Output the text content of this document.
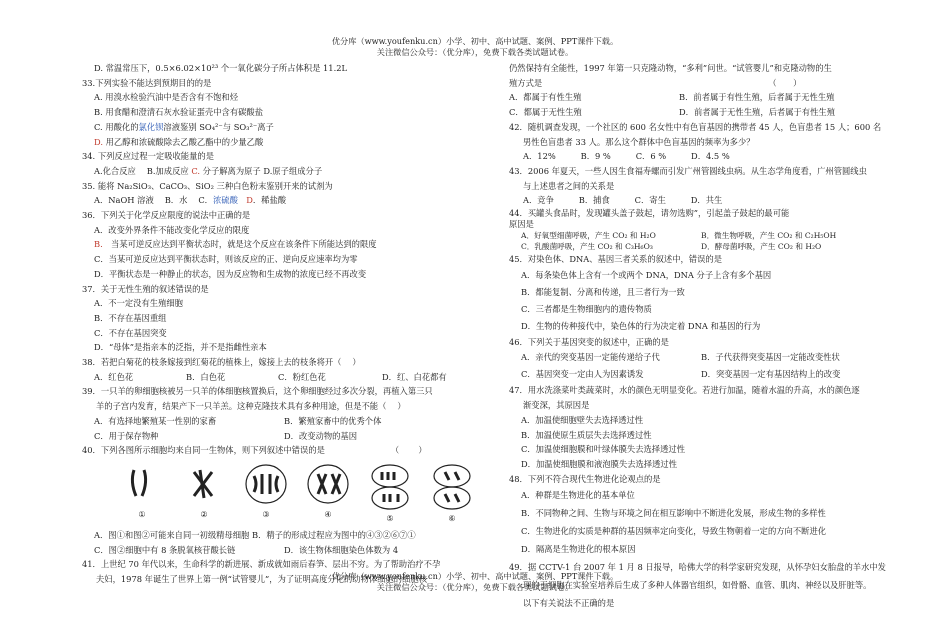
优分库（www.youfenku.cn）小学、初中、高中试题、案例、PPT课件下载。
关注微信公众号：（优分库），免费下载各类试题试卷。
D. 常温常压下，0.5×6.02×10²³ 个一氧化碳分子所占体积是 11.2L
33.下列实验不能达到预期目的的是
A. 用溴水检验汽油中是否含有不饱和烃
B. 用食醋和澄清石灰水验证蛋壳中含有碳酸盐
C. 用酸化的氯化钡溶液鉴别 SO₄²⁻与 SO₃²⁻离子
D. 用乙醇和浓硫酸除去乙酸乙酯中的少量乙酸
34. 下列反应过程一定吸收能量的是
A.化合反应　 B.加成反应 C. 分子解离为原子 D.原子组成分子
35. 能将 Na₂SiO₃、CaCO₃、SiO₂ 三种白色粉末鉴别开来的试剂为
A．NaOH 溶液　 B．水　 C．浓硫酸　 D．稀盐酸
36．下列关于化学反应限度的说法中正确的是
A．改变外界条件不能改变化学反应的限度
B.　当某可逆反应达到平衡状态时，就是这个反应在该条件下所能达到的限度
C．当某可逆反应达到平衡状态时，则该反应的正、逆向反应速率均为零
D．平衡状态是一种静止的状态，因为反应物和生成物的浓度已经不再改变
37．关于无性生殖的叙述错误的是
A．不一定没有生殖细胞
B．不存在基因重组
C．不存在基因突变
D．“母体”是指亲本的泛指，并不是指雌性亲本
38．若把白菊花的枝条嫁接到红菊花的植株上，嫁接上去的枝条将开（　 ）
A．红色花	B．白色花	C．粉红色花	D．红、白花都有
39．一只羊的卵细胞核被另一只羊的体细胞核置换后，这个卵细胞经过多次分裂，再植入第三只
羊的子宫内发育，结果产下一只羊羔。这种克隆技术具有多种用途，但是不能（　 ）
A．有选择地繁殖某一性别的家畜	B．繁殖家畜中的优秀个体
C．用于保存物种	D．改变动物的基因
40．下列各图所示细胞均来自同一生物体，则下列叙述中错误的是	（　　 ）
①	②	③	④	⑤	⑥
A．图①和图②可能来自同一初级精母细胞 B．精子的形成过程应为图中的④③②⑥⑦①
C．图②细胞中有 8 条脱氧核苷酸长链	D．该生物体细胞染色体数为 4
41．上世纪 70 年代以来，生命科学的新进展、新成就如雨后春笋、层出不穷。为了帮助治疗不孕
夫妇，1978 年诞生了世界上第一例“试管婴儿”，为了证明高度分化的动物体细胞的细胞核
仍然保持有全能性，1997 年第一只克隆动物，“多利”问世。“试管婴儿”和克隆动物的生
殖方式是	（　　）
A．都属于有性生殖	B．前者属于有性生殖，后者属于无性生殖
C．都属于无性生殖	D．前者属于无性生殖，后者属于有性生殖
42．随机调查发现，一个社区的 600 名女性中有色盲基因的携带者 45 人，色盲患者 15 人；600 名
男性色盲患者 33 人。那么这个群体中色盲基因的频率为多少？
A．12%　　　B．9 %　　　C．6 %　　　D．4.5 %
43．2006 年夏天，一些人因生食福寿螺而引发广州管圆线虫病。从生态学角度看，广州管圆线虫
与上述患者之间的关系是
A．竞争　　　B．捕食　　　C．寄生　　　D．共生
44．买罐头食品时，发现罐头盖子鼓起，请勿选购”，引起盖子鼓起的最可能
原因是
A．好氧型细菌呼吸，产生 CO₂ 和 H₂O	B．微生物呼吸，产生 CO₂ 和 C₂H₅OH
C．乳酸菌呼吸，产生 CO₂ 和 C₃H₆O₃	D．酵母菌呼吸，产生 CO₂ 和 H₂O
45．对染色体、DNA、基因三者关系的叙述中，错误的是
A．每条染色体上含有一个或两个 DNA，DNA 分子上含有多个基因
B．都能复制、分离和传递，且三者行为一致
C．三者都是生物细胞内的遗传物质
D．生物的传种接代中，染色体的行为决定着 DNA 和基因的行为
46．下列关于基因突变的叙述中，正确的是
A．亲代的突变基因一定能传递给子代	B．子代获得突变基因一定能改变性状
C．基因突变一定由人为因素诱发	D．突变基因一定有基因结构上的改变
47．用水洗涤菜叶类蔬菜时，水的颜色无明显变化。若进行加温，随着水温的升高，水的颜色逐
渐变深，其原因是
A．加温使细胞壁失去选择透过性
B．加温使原生质层失去选择透过性
C．加温使细胞膜和叶绿体膜失去选择透过性
D．加温使细胞膜和液泡膜失去选择透过性
48．下列不符合现代生物进化论观点的是
A．种群是生物进化的基本单位
B．不同物种之间、生物与环境之间在相互影响中不断进化发展，形成生物的多样性
C．生物进化的实质是种群的基因频率定向变化，导致生物朝着一定的方向不断进化
D．隔离是生物进化的根本原因
49．据 CCTV-1 台 2007 年 1 月 8 日报导，哈佛大学的科学家研究发现，从怀孕妇女胎盘的羊水中发
现的干细胞在实验室培养后生成了多种人体器官组织，如骨骼、血管、肌肉、神经以及肝脏等。
以下有关说法不正确的是
优分库（www.youfenku.cn）小学、初中、高中试题、案例、PPT课件下载。
关注微信公众号：（优分库），免费下载各类试题试卷。
